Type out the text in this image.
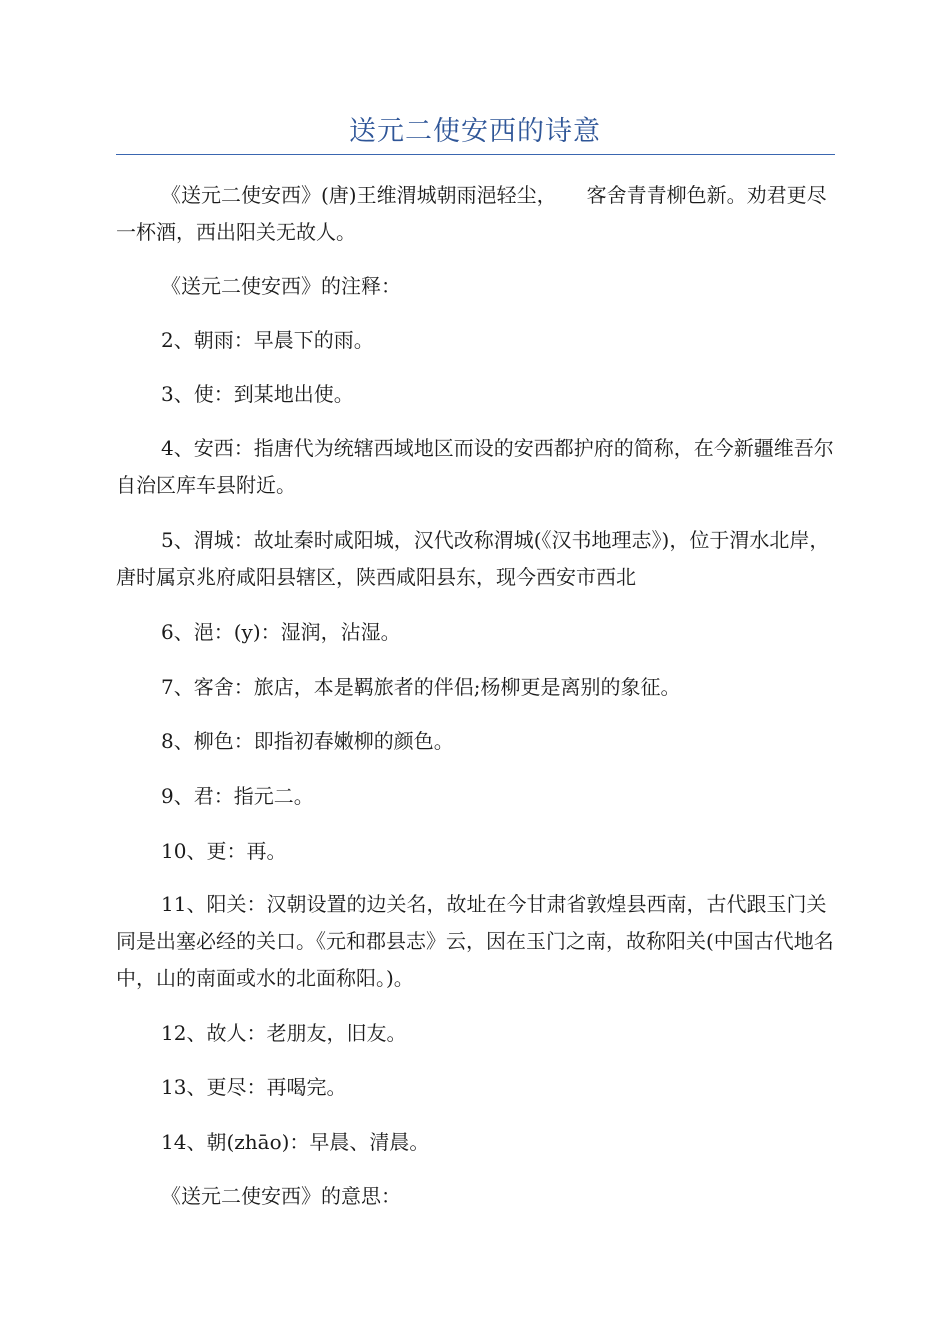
送元二使安西的诗意

《送元二使安西》(唐)王维渭城朝雨浥轻尘，　　客舍青青柳色新。劝君更尽一杯酒，西出阳关无故人。

《送元二使安西》的注释：

2、朝雨：早晨下的雨。

3、使：到某地出使。

4、安西：指唐代为统辖西域地区而设的安西都护府的简称，在今新疆维吾尔自治区库车县附近。

5、渭城：故址秦时咸阳城，汉代改称渭城(《汉书地理志》)，位于渭水北岸，唐时属京兆府咸阳县辖区，陕西咸阳县东，现今西安市西北

6、浥：(y)：湿润，沾湿。

7、客舍：旅店，本是羁旅者的伴侣;杨柳更是离别的象征。

8、柳色：即指初春嫩柳的颜色。

9、君：指元二。

10、更：再。

11、阳关：汉朝设置的边关名，故址在今甘肃省敦煌县西南，古代跟玉门关同是出塞必经的关口。《元和郡县志》云，因在玉门之南，故称阳关(中国古代地名中，山的南面或水的北面称阳。)。

12、故人：老朋友，旧友。

13、更尽：再喝完。

14、朝(zhāo)：早晨、清晨。

《送元二使安西》的意思：
